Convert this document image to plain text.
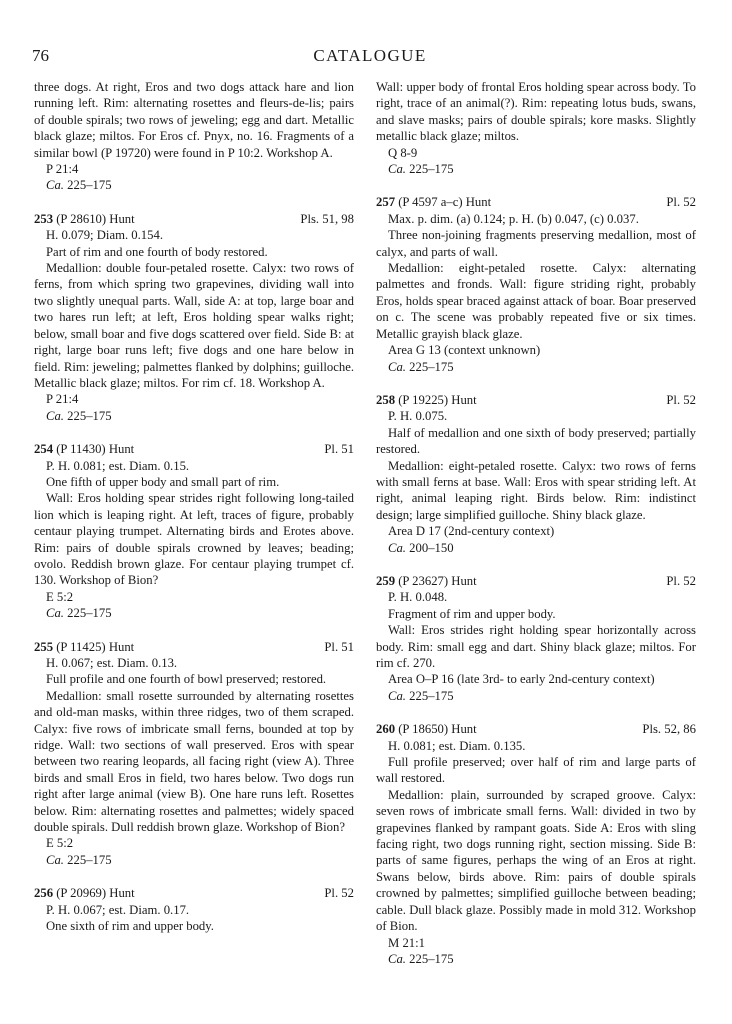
76	CATALOGUE

three dogs. At right, Eros and two dogs attack hare and lion running left. Rim: alternating rosettes and fleurs-de-lis; pairs of double spirals; two rows of jeweling; egg and dart. Metallic black glaze; miltos. For Eros cf. Pnyx, no. 16. Fragments of a similar bowl (P 19720) were found in P 10:2. Workshop A.

P 21:4
Ca. 225–175
253 (P 28610) Hunt	Pls. 51, 98
H. 0.079; Diam. 0.154.

Part of rim and one fourth of body restored.

Medallion: double four-petaled rosette. Calyx: two rows of ferns, from which spring two grapevines, dividing wall into two slightly unequal parts. Wall, side A: at top, large boar and two hares run left; at left, Eros holding spear walks right; below, small boar and five dogs scattered over field. Side B: at right, large boar runs left; five dogs and one hare below in field. Rim: jeweling; palmettes flanked by dolphins; guilloche. Metallic black glaze; miltos. For rim cf. 18. Workshop A.

P 21:4
Ca. 225–175
254 (P 11430) Hunt	Pl. 51
P. H. 0.081; est. Diam. 0.15.

One fifth of upper body and small part of rim.

Wall: Eros holding spear strides right following long-tailed lion which is leaping right. At left, traces of figure, probably centaur playing trumpet. Alternating birds and Erotes above. Rim: pairs of double spirals crowned by leaves; beading; ovolo. Reddish brown glaze. For centaur playing trumpet cf. 130. Workshop of Bion?

E 5:2
Ca. 225–175
255 (P 11425) Hunt	Pl. 51
H. 0.067; est. Diam. 0.13.

Full profile and one fourth of bowl preserved; restored.

Medallion: small rosette surrounded by alternating rosettes and old-man masks, within three ridges, two of them scraped. Calyx: five rows of imbricate small ferns, bounded at top by ridge. Wall: two sections of wall preserved. Eros with spear between two rearing leopards, all facing right (view A). Three birds and small Eros in field, two hares below. Two dogs run right after large animal (view B). One hare runs left. Rosettes below. Rim: alternating rosettes and palmettes; widely spaced double spirals. Dull reddish brown glaze. Workshop of Bion?

E 5:2
Ca. 225–175
256 (P 20969) Hunt	Pl. 52
P. H. 0.067; est. Diam. 0.17.

One sixth of rim and upper body.

Wall: upper body of frontal Eros holding spear across body. To right, trace of an animal(?). Rim: repeating lotus buds, swans, and slave masks; pairs of double spirals; kore masks. Slightly metallic black glaze; miltos.

Q 8-9
Ca. 225–175
257 (P 4597 a–c) Hunt	Pl. 52
Max. p. dim. (a) 0.124; p. H. (b) 0.047, (c) 0.037.

Three non-joining fragments preserving medallion, most of calyx, and parts of wall.

Medallion: eight-petaled rosette. Calyx: alternating palmettes and fronds. Wall: figure striding right, probably Eros, holds spear braced against attack of boar. Boar preserved on c. The scene was probably repeated five or six times. Metallic grayish black glaze.

Area G 13 (context unknown)
Ca. 225–175
258 (P 19225) Hunt	Pl. 52
P. H. 0.075.

Half of medallion and one sixth of body preserved; partially restored.

Medallion: eight-petaled rosette. Calyx: two rows of ferns with small ferns at base. Wall: Eros with spear striding left. At right, animal leaping right. Birds below. Rim: indistinct design; large simplified guilloche. Shiny black glaze.

Area D 17 (2nd-century context)
Ca. 200–150
259 (P 23627) Hunt	Pl. 52
P. H. 0.048.

Fragment of rim and upper body.

Wall: Eros strides right holding spear horizontally across body. Rim: small egg and dart. Shiny black glaze; miltos. For rim cf. 270.

Area O–P 16 (late 3rd- to early 2nd-century context)
Ca. 225–175
260 (P 18650) Hunt	Pls. 52, 86
H. 0.081; est. Diam. 0.135.

Full profile preserved; over half of rim and large parts of wall restored.

Medallion: plain, surrounded by scraped groove. Calyx: seven rows of imbricate small ferns. Wall: divided in two by grapevines flanked by rampant goats. Side A: Eros with sling facing right, two dogs running right, section missing. Side B: parts of same figures, perhaps the wing of an Eros at right. Swans below, birds above. Rim: pairs of double spirals crowned by palmettes; simplified guilloche between beading; cable. Dull black glaze. Possibly made in mold 312. Workshop of Bion.

M 21:1
Ca. 225–175
